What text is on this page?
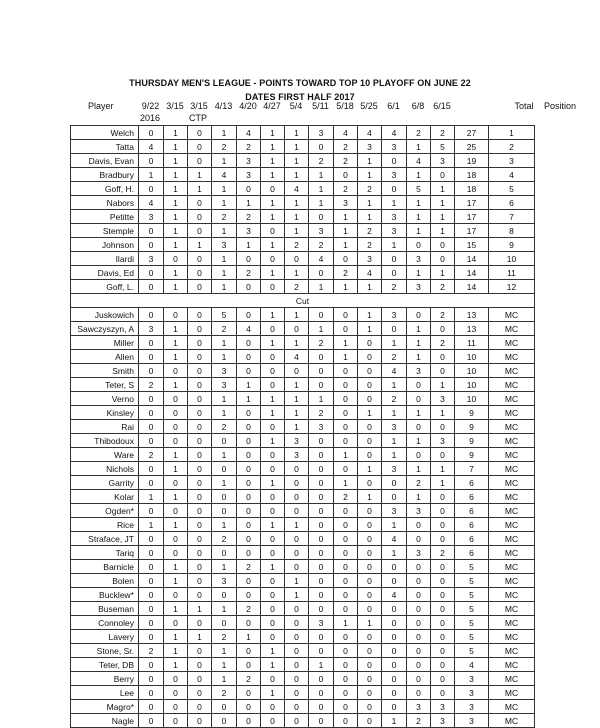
THURSDAY MEN'S LEAGUE - POINTS TOWARD TOP 10 PLAYOFF ON JUNE 22
DATES FIRST HALF 2017
Player	Total	Position
2016	CTP
9/22 3/15 3/15 4/13 4/20 4/27 5/4	5/11 5/18 5/25	6/1	6/8 6/15
Welch	0	1	0	1	4	1	1	3	4	4	4	2	2	27	1
Tatta	4	1	0	2	2	1	1	0	2	3	3	1	5	25	2
Davis, Evan	0	1	0	1	3	1	1	2	2	1	0	4	3	19	3
Bradbury	1	1	1	4	3	1	1	1	0	1	3	1	0	18	4
Goff, H.	0	1	1	1	0	0	4	1	2	2	0	5	1	18	5
Nabors	4	1	0	1	1	1	1	1	3	1	1	1	1	17	6
Petitte	3	1	0	2	2	1	1	0	1	1	3	1	1	17	7
Stemple	0	1	0	1	3	0	1	3	1	2	3	1	1	17	8
Johnson	0	1	1	3	1	1	2	2	1	2	1	0	0	15	9
Ilardi	3	0	0	1	0	0	0	4	0	3	0	3	0	14	10
Davis, Ed	0	1	0	1	2	1	1	0	2	4	0	1	1	14	11
Goff, L.	0	1	0	1	0	0	2	1	1	1	2	3	2	14	12
Cut															
Juskowich	0	0	0	5	0	1	1	0	0	1	3	0	2	13	MC
Sawczyszyn, A	3	1	0	2	4	0	0	1	0	1	0	1	0	13	MC
Miller	0	1	0	1	0	1	1	2	1	0	1	1	2	11	MC
Allen	0	1	0	1	0	0	4	0	1	0	2	1	0	10	MC
Smith	0	0	0	3	0	0	0	0	0	0	4	3	0	10	MC
Teter, S	2	1	0	3	1	0	1	0	0	0	1	0	1	10	MC
Verno	0	0	0	1	1	1	1	1	0	0	2	0	3	10	MC
Kinsley	0	0	0	1	0	1	1	2	0	1	1	1	1	9	MC
Rai	0	0	0	2	0	0	1	3	0	0	3	0	0	9	MC
Thibodoux	0	0	0	0	0	1	3	0	0	0	1	1	3	9	MC
Ware	2	1	0	1	0	0	3	0	1	0	1	0	0	9	MC
Nichols	0	1	0	0	0	0	0	0	0	1	3	1	1	7	MC
Garrity	0	0	0	1	0	1	0	0	1	0	0	2	1	6	MC
Kolar	1	1	0	0	0	0	0	0	2	1	0	1	0	6	MC
Ogden*	0	0	0	0	0	0	0	0	0	0	3	3	0	6	MC
Rice	1	1	0	1	0	1	1	0	0	0	1	0	0	6	MC
Straface, JT	0	0	0	2	0	0	0	0	0	0	4	0	0	6	MC
Tariq	0	0	0	0	0	0	0	0	0	0	1	3	2	6	MC
Barnicle	0	1	0	1	2	1	0	0	0	0	0	0	0	5	MC
Bolen	0	1	0	3	0	0	1	0	0	0	0	0	0	5	MC
Bucklew*	0	0	0	0	0	0	1	0	0	0	4	0	0	5	MC
Buseman	0	1	1	1	2	0	0	0	0	0	0	0	0	5	MC
Connoley	0	0	0	0	0	0	0	3	1	1	0	0	0	5	MC
Lavery	0	1	1	2	1	0	0	0	0	0	0	0	0	5	MC
Stone, Sr.	2	1	0	1	0	1	0	0	0	0	0	0	0	5	MC
Teter, DB	0	1	0	1	0	1	0	1	0	0	0	0	0	4	MC
Berry	0	0	0	1	2	0	0	0	0	0	0	0	0	3	MC
Lee	0	0	0	2	0	1	0	0	0	0	0	0	0	3	MC
Magro*	0	0	0	0	0	0	0	0	0	0	0	3	3	3	MC
Nagle	0	0	0	0	0	0	0	0	0	0	1	2	3	3	MC
